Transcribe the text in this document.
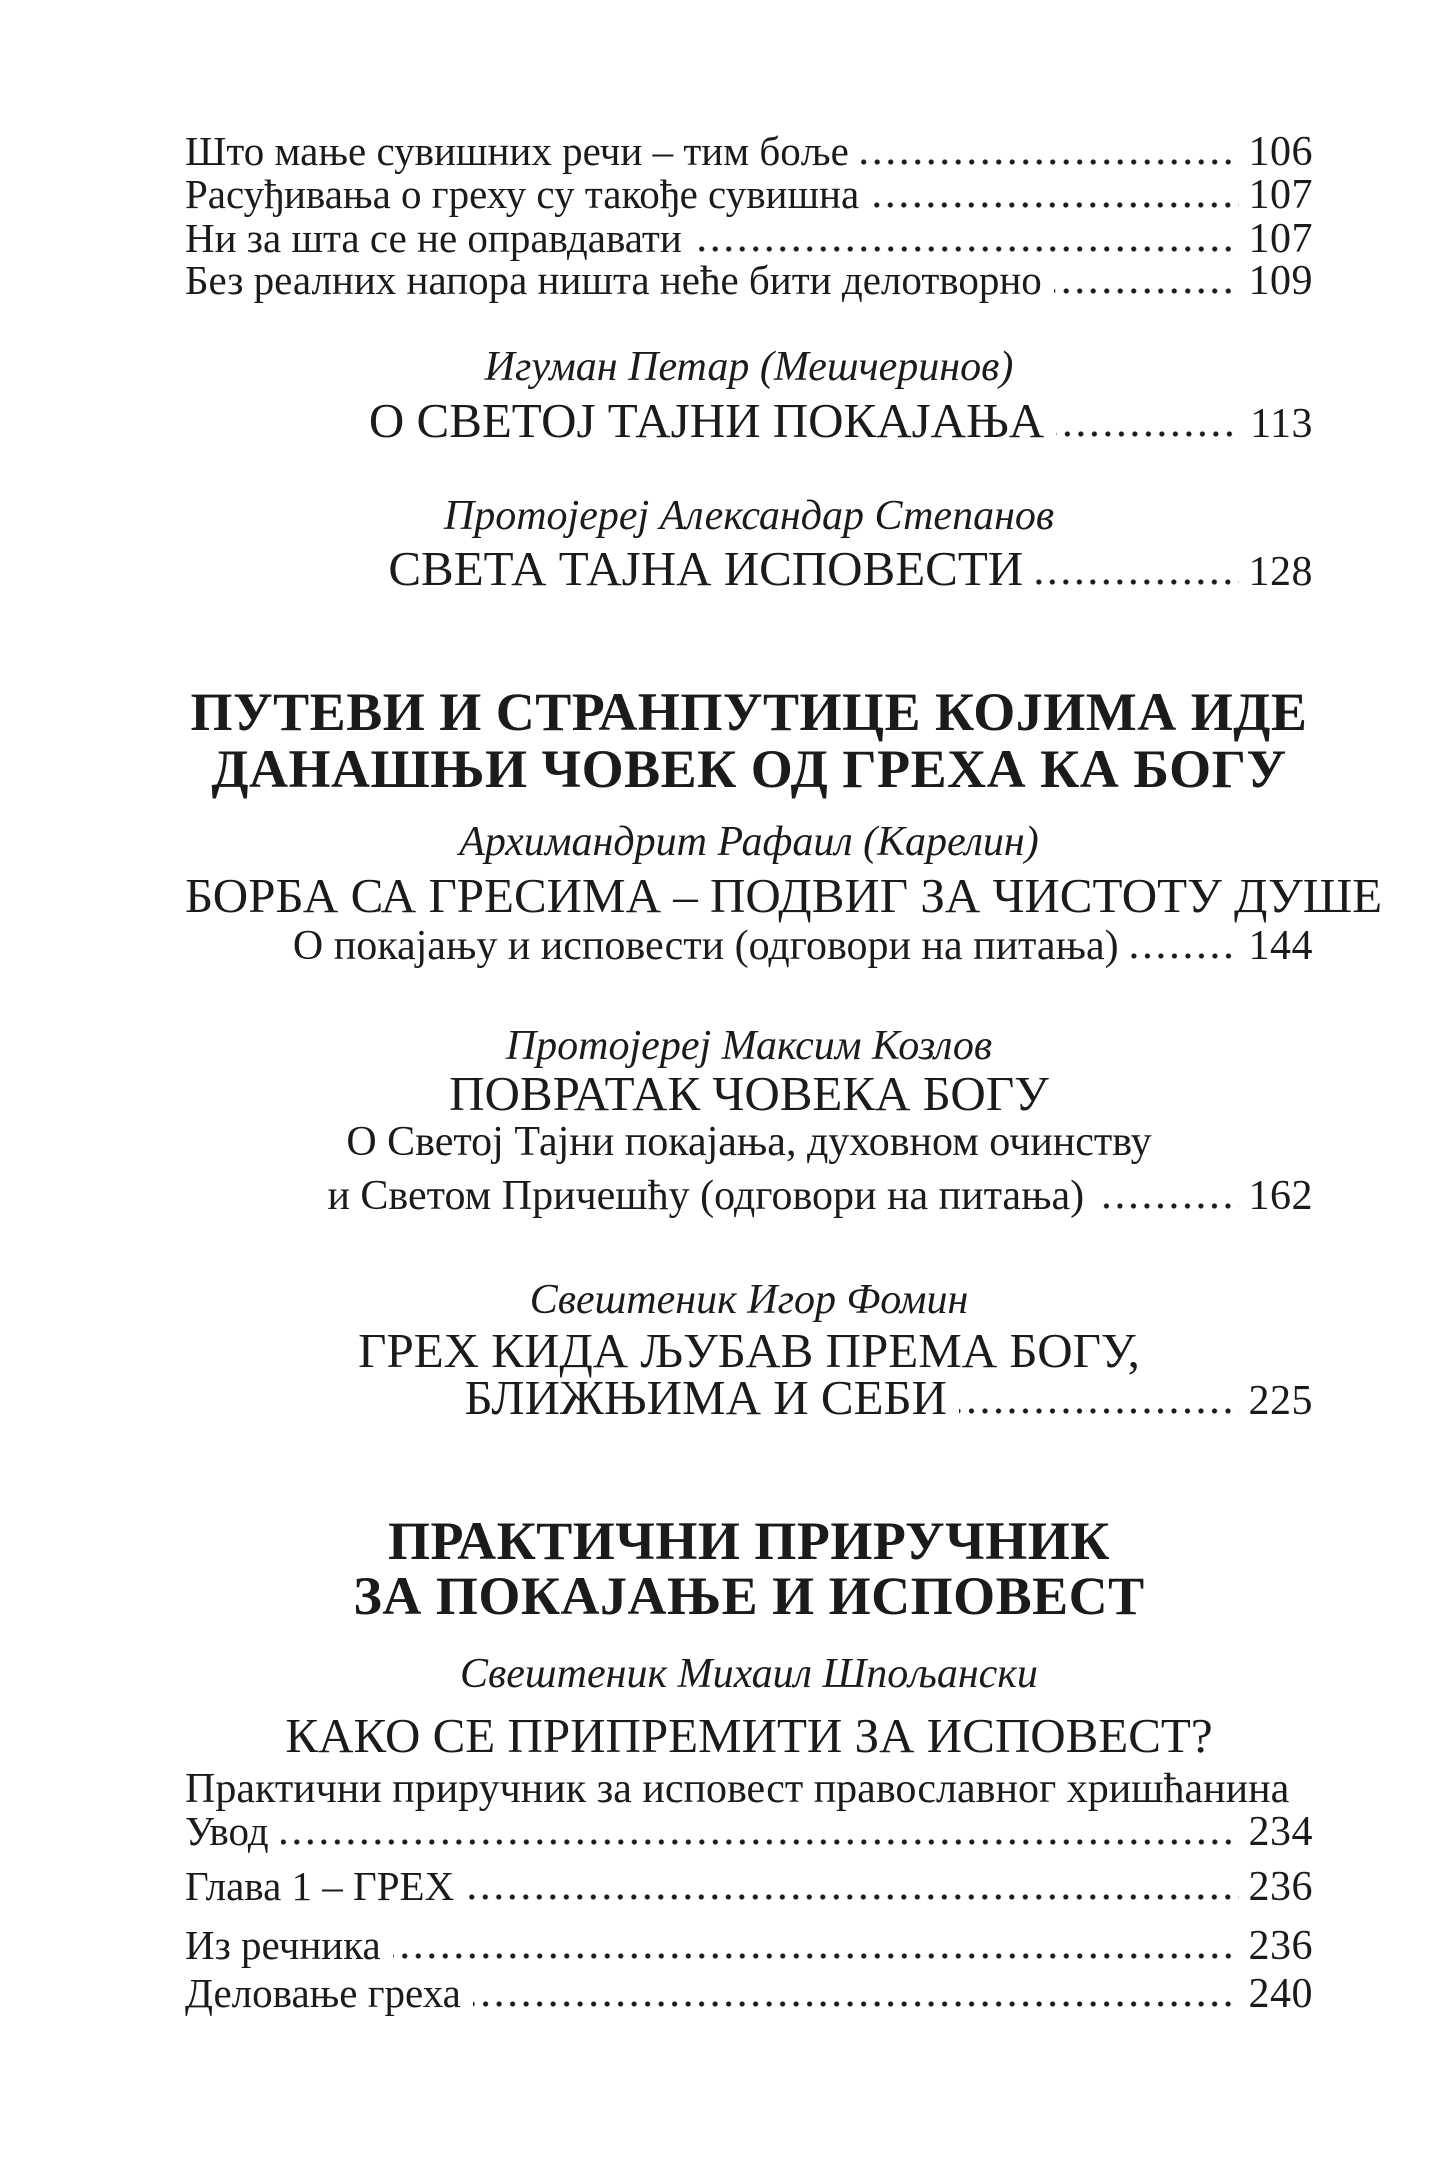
Што мање сувишних речи – тим боље	106
Расуђивања о греху су такође сувишна	107
Ни за шта се не оправдавати	107
Без реалних напора ништа неће бити делотворно	109
Игуман Петар (Мешчеринов)
О СВЕТОЈ ТАЈНИ ПОКАЈАЊА	113
Протојереј Александар Степанов
СВЕТА ТАЈНА ИСПОВЕСТИ	128
ПУТЕВИ И СТРАНПУТИЦЕ КОЈИМА ИДЕ
ДАНАШЊИ ЧОВЕК ОД ГРЕХА КА БОГУ
Архимандрит Рафаил (Карелин)
БОРБА СА ГРЕСИМА – ПОДВИГ ЗА ЧИСТОТУ ДУШЕ
О покајању и исповести (одговори на питања)	144
Протојереј Максим Козлов
ПОВРАТАК ЧОВЕКА БОГУ
О Светој Тајни покајања, духовном очинству
и Светом Причешћу (одговори на питања)	162
Свештеник Игор Фомин
ГРЕХ КИДА ЉУБАВ ПРЕМА БОГУ,
БЛИЖЊИМА И СЕБИ	225
ПРАКТИЧНИ ПРИРУЧНИК
ЗА ПОКАЈАЊЕ И ИСПОВЕСТ
Свештеник Михаил Шпољански
КАКО СЕ ПРИПРЕМИТИ ЗА ИСПОВЕСТ?
Практични приручник за исповест православног хришћанина
Увод	234
Глава 1 – ГРЕХ	236
Из речника	236
Деловање греха	240
